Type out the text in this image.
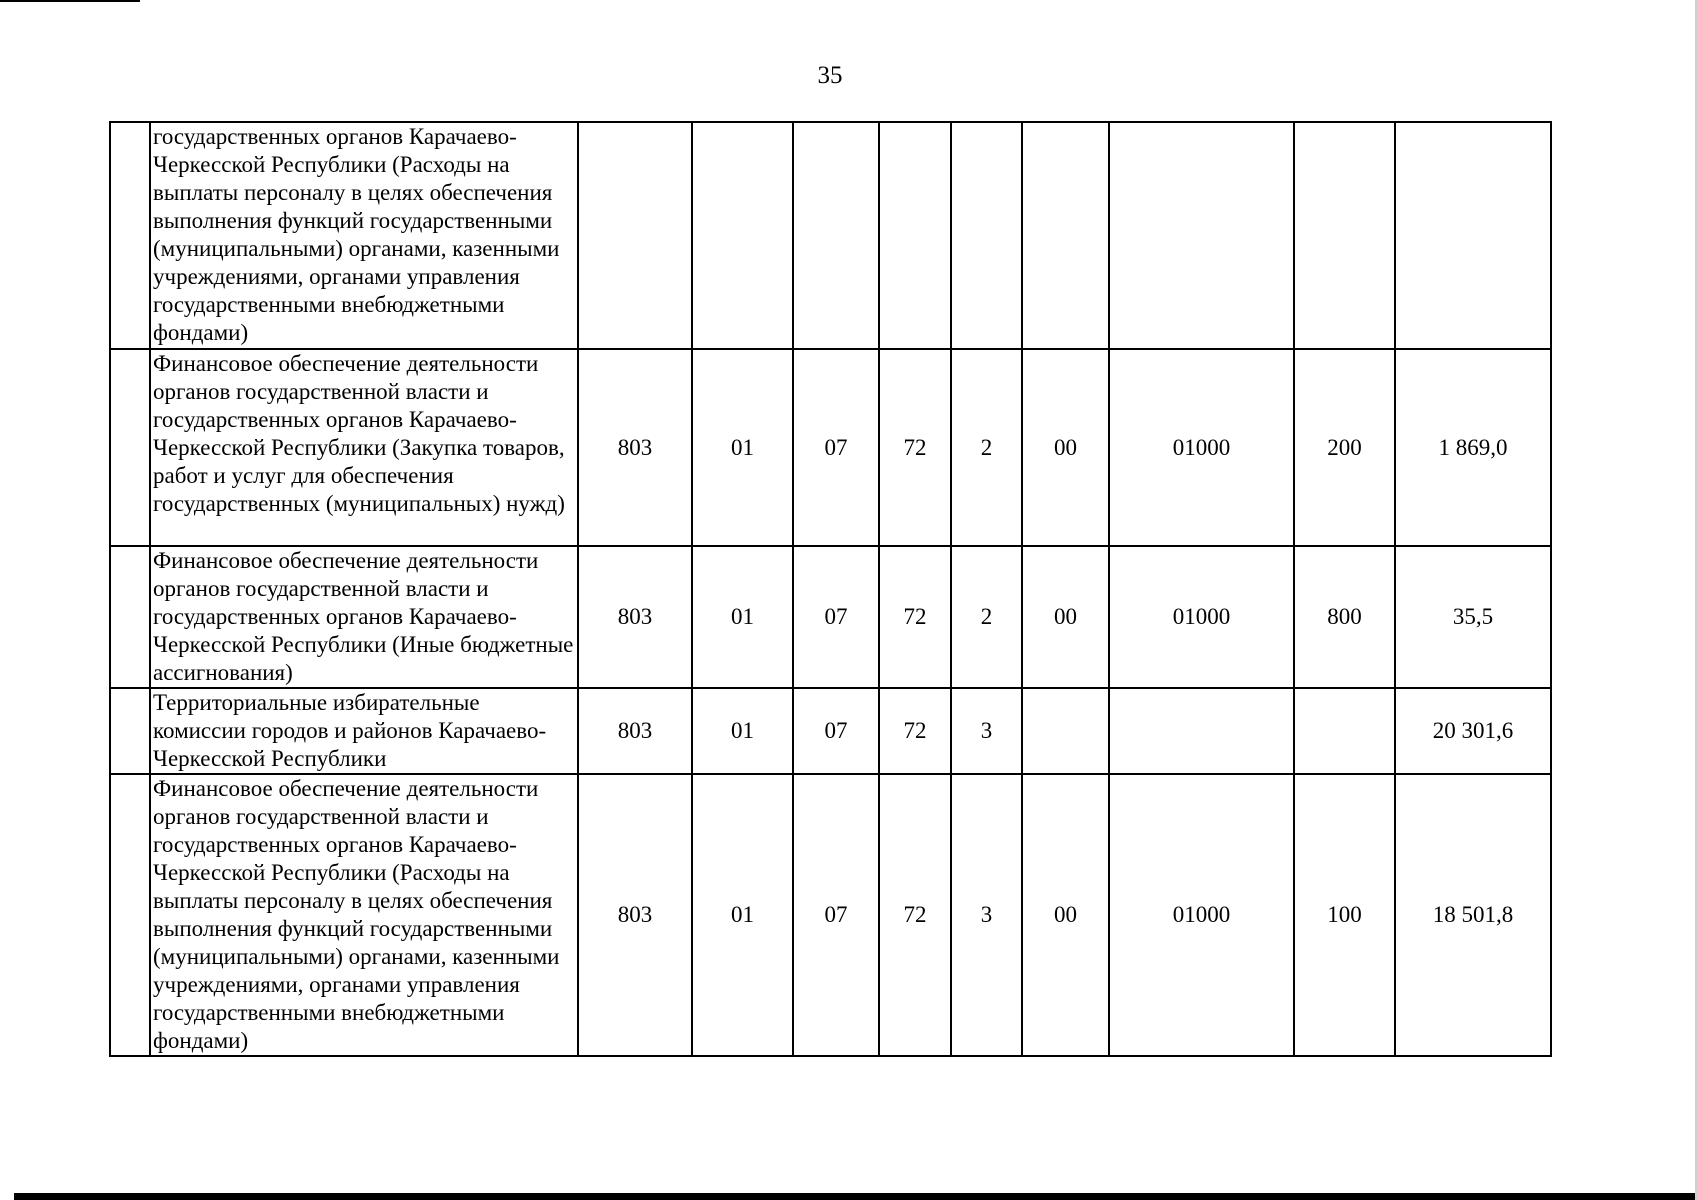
35
	государственных органов Карачаево-Черкесской Республики (Расходы на выплаты персоналу в целях обеспечения выполнения функций государственными (муниципальными) органами, казенными учреждениями, органами управления государственными внебюджетными фондами)									
	Финансовое обеспечение деятельности органов государственной власти и государственных органов Карачаево-Черкесской Республики (Закупка товаров, работ и услуг для обеспечения государственных (муниципальных) нужд)	803	01	07	72	2	00	01000	200	1 869,0
	Финансовое обеспечение деятельности органов государственной власти и государственных органов Карачаево-Черкесской Республики (Иные бюджетные ассигнования)	803	01	07	72	2	00	01000	800	35,5
	Территориальные избирательные комиссии городов и районов Карачаево-Черкесской Республики	803	01	07	72	3				20 301,6
	Финансовое обеспечение деятельности органов государственной власти и государственных органов Карачаево-Черкесской Республики (Расходы на выплаты персоналу в целях обеспечения выполнения функций государственными (муниципальными) органами, казенными учреждениями, органами управления государственными внебюджетными фондами)	803	01	07	72	3	00	01000	100	18 501,8
